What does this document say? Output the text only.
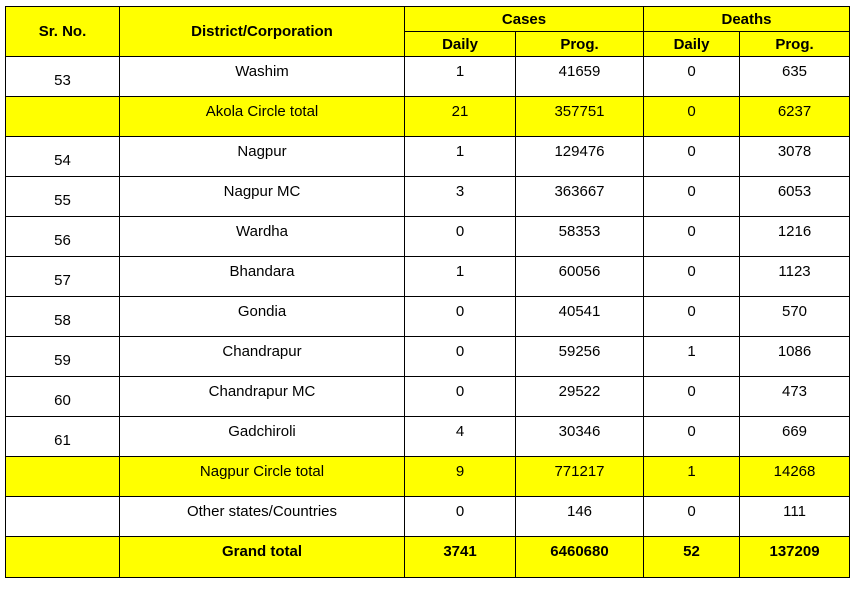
Sr. No.	District/Corporation	Cases		Deaths	
		Daily	Prog.	Daily	Prog.

53	Washim	1	41659	0	635

	Akola Circle total	21	357751	0	6237

54	Nagpur	1	129476	0	3078

55	Nagpur MC	3	363667	0	6053

56	Wardha	0	58353	0	1216

57	Bhandara	1	60056	0	1123

58	Gondia	0	40541	0	570

59	Chandrapur	0	59256	1	1086

60	Chandrapur MC	0	29522	0	473

61	Gadchiroli	4	30346	0	669

	Nagpur Circle total	9	771217	1	14268

	Other states/Countries	0	146	0	111

	Grand total	3741	6460680	52	137209
